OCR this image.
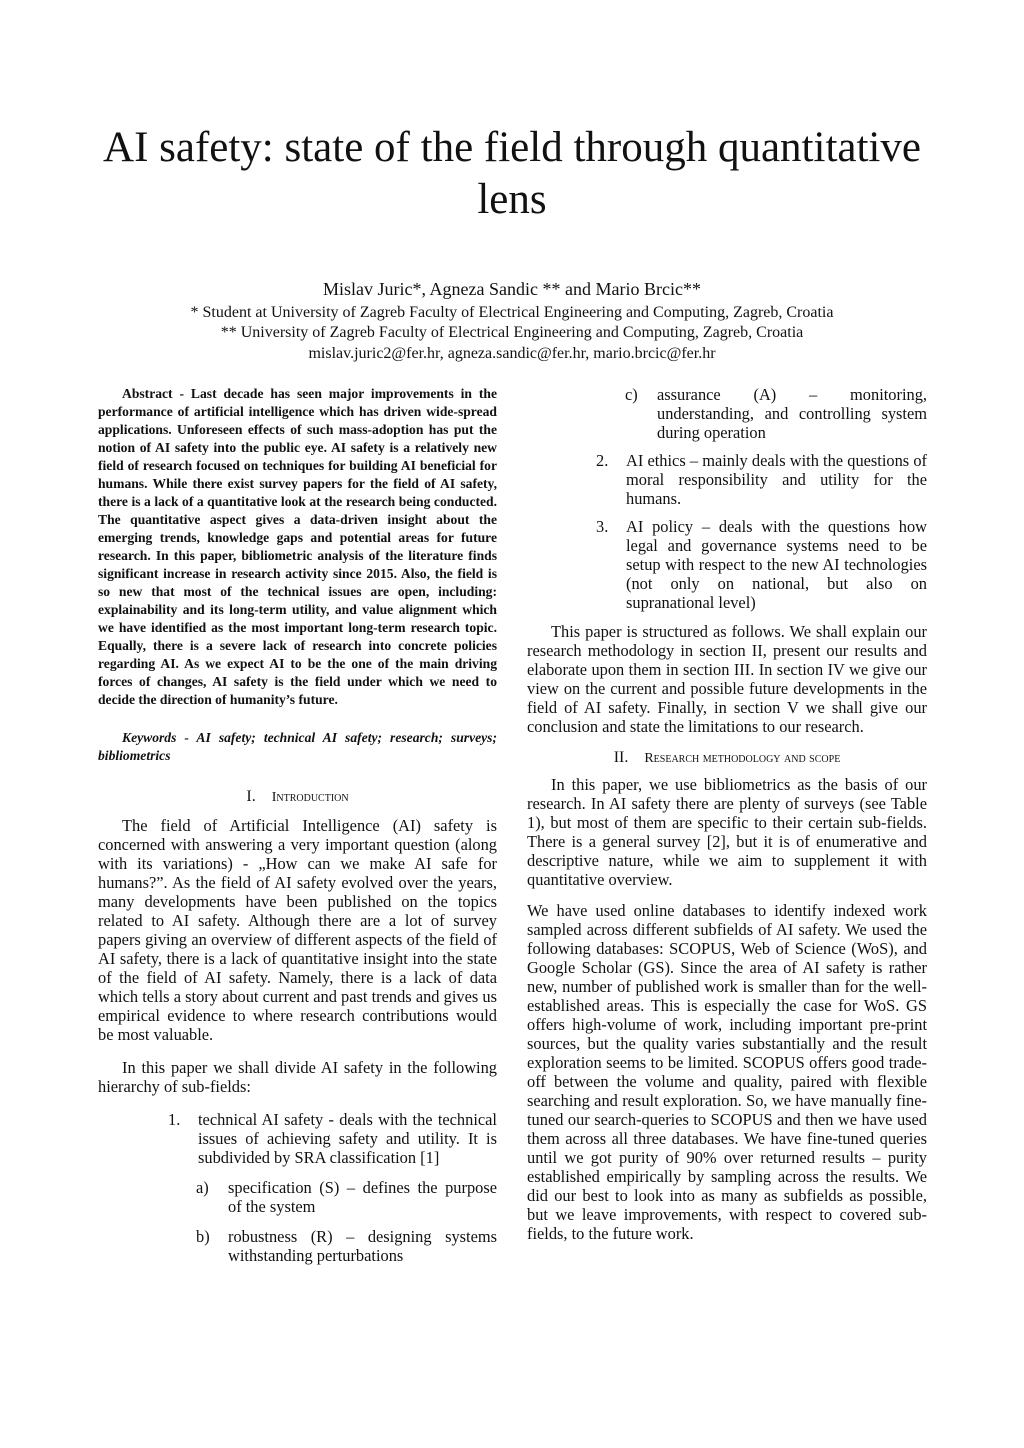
AI safety: state of the field through quantitative lens

Mislav Juric*, Agneza Sandic ** and Mario Brcic**

* Student at University of Zagreb Faculty of Electrical Engineering and Computing, Zagreb, Croatia

** University of Zagreb Faculty of Electrical Engineering and Computing, Zagreb, Croatia

mislav.juric2@fer.hr, agneza.sandic@fer.hr, mario.brcic@fer.hr

Abstract - Last decade has seen major improvements in the performance of artificial intelligence which has driven wide-spread applications. Unforeseen effects of such mass-adoption has put the notion of AI safety into the public eye. AI safety is a relatively new field of research focused on techniques for building AI beneficial for humans. While there exist survey papers for the field of AI safety, there is a lack of a quantitative look at the research being conducted. The quantitative aspect gives a data-driven insight about the emerging trends, knowledge gaps and potential areas for future research. In this paper, bibliometric analysis of the literature finds significant increase in research activity since 2015. Also, the field is so new that most of the technical issues are open, including: explainability and its long-term utility, and value alignment which we have identified as the most important long-term research topic. Equally, there is a severe lack of research into concrete policies regarding AI. As we expect AI to be the one of the main driving forces of changes, AI safety is the field under which we need to decide the direction of humanity’s future.

Keywords - AI safety; technical AI safety; research; surveys; bibliometrics

I. Introduction

The field of Artificial Intelligence (AI) safety is concerned with answering a very important question (along with its variations) - „How can we make AI safe for humans?”. As the field of AI safety evolved over the years, many developments have been published on the topics related to AI safety. Although there are a lot of survey papers giving an overview of different aspects of the field of AI safety, there is a lack of quantitative insight into the state of the field of AI safety. Namely, there is a lack of data which tells a story about current and past trends and gives us empirical evidence to where research contributions would be most valuable.

In this paper we shall divide AI safety in the following hierarchy of sub-fields:

1. technical AI safety - deals with the technical issues of achieving safety and utility. It is subdivided by SRA classification [1]
a) specification (S) – defines the purpose of the system
b) robustness (R) – designing systems withstanding perturbations
c) assurance (A) – monitoring, understanding, and controlling system during operation
2. AI ethics – mainly deals with the questions of moral responsibility and utility for the humans.
3. AI policy – deals with the questions how legal and governance systems need to be setup with respect to the new AI technologies (not only on national, but also on supranational level)

This paper is structured as follows. We shall explain our research methodology in section II, present our results and elaborate upon them in section III. In section IV we give our view on the current and possible future developments in the field of AI safety. Finally, in section V we shall give our conclusion and state the limitations to our research.

II. Research methodology and scope

In this paper, we use bibliometrics as the basis of our research. In AI safety there are plenty of surveys (see Table 1), but most of them are specific to their certain sub-fields. There is a general survey [2], but it is of enumerative and descriptive nature, while we aim to supplement it with quantitative overview.

We have used online databases to identify indexed work sampled across different subfields of AI safety. We used the following databases: SCOPUS, Web of Science (WoS), and Google Scholar (GS). Since the area of AI safety is rather new, number of published work is smaller than for the well-established areas. This is especially the case for WoS. GS offers high-volume of work, including important pre-print sources, but the quality varies substantially and the result exploration seems to be limited. SCOPUS offers good trade-off between the volume and quality, paired with flexible searching and result exploration. So, we have manually fine-tuned our search-queries to SCOPUS and then we have used them across all three databases. We have fine-tuned queries until we got purity of 90% over returned results – purity established empirically by sampling across the results. We did our best to look into as many as subfields as possible, but we leave improvements, with respect to covered sub-fields, to the future work.
